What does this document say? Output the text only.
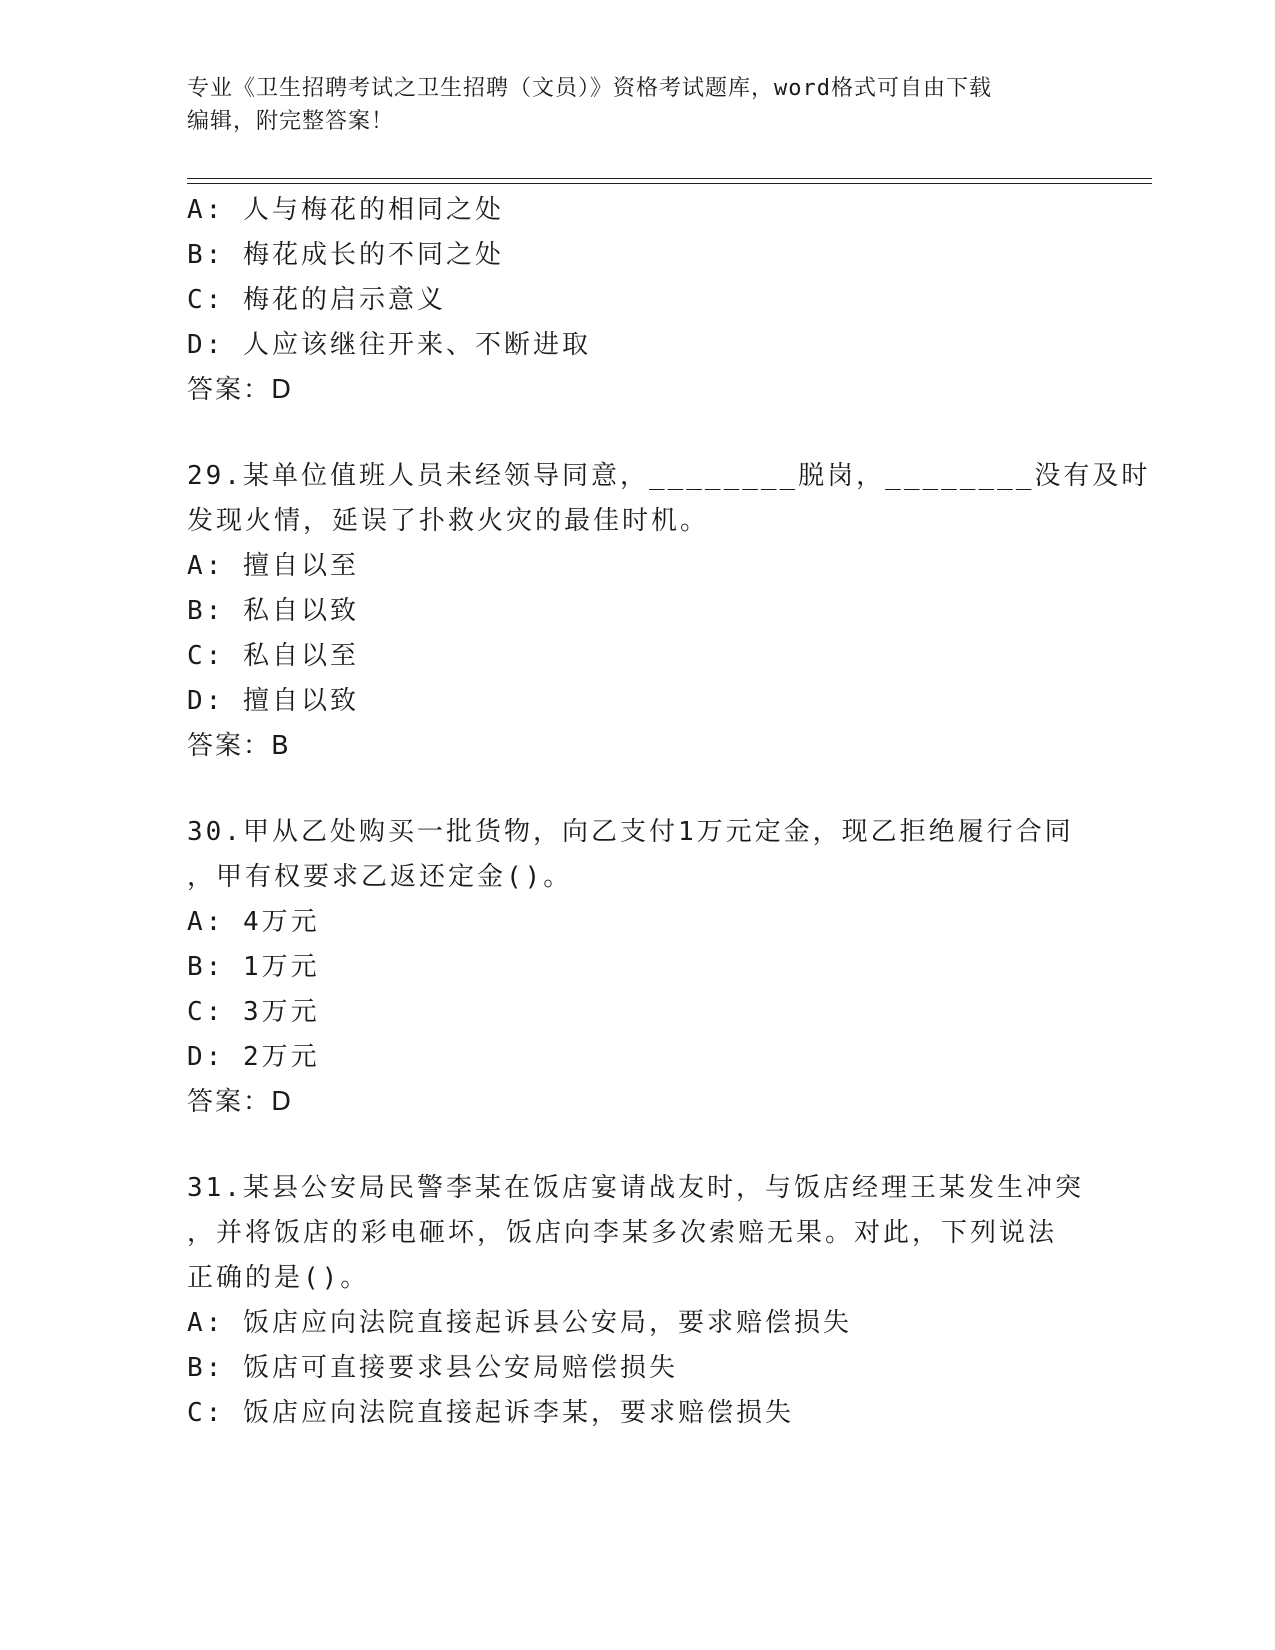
专业《卫生招聘考试之卫生招聘（文员）》资格考试题库，word格式可自由下载
编辑，附完整答案！
A: 人与梅花的相同之处
B: 梅花成长的不同之处
C: 梅花的启示意义
D: 人应该继往开来、不断进取
答案：D
29.某单位值班人员未经领导同意，________脱岗，________没有及时
发现火情，延误了扑救火灾的最佳时机。
A: 擅自以至
B: 私自以致
C: 私自以至
D: 擅自以致
答案：B
30.甲从乙处购买一批货物，向乙支付1万元定金，现乙拒绝履行合同
，甲有权要求乙返还定金()。
A: 4万元
B: 1万元
C: 3万元
D: 2万元
答案：D
31.某县公安局民警李某在饭店宴请战友时，与饭店经理王某发生冲突
，并将饭店的彩电砸坏，饭店向李某多次索赔无果。对此，下列说法
正确的是()。
A: 饭店应向法院直接起诉县公安局，要求赔偿损失
B: 饭店可直接要求县公安局赔偿损失
C: 饭店应向法院直接起诉李某，要求赔偿损失
